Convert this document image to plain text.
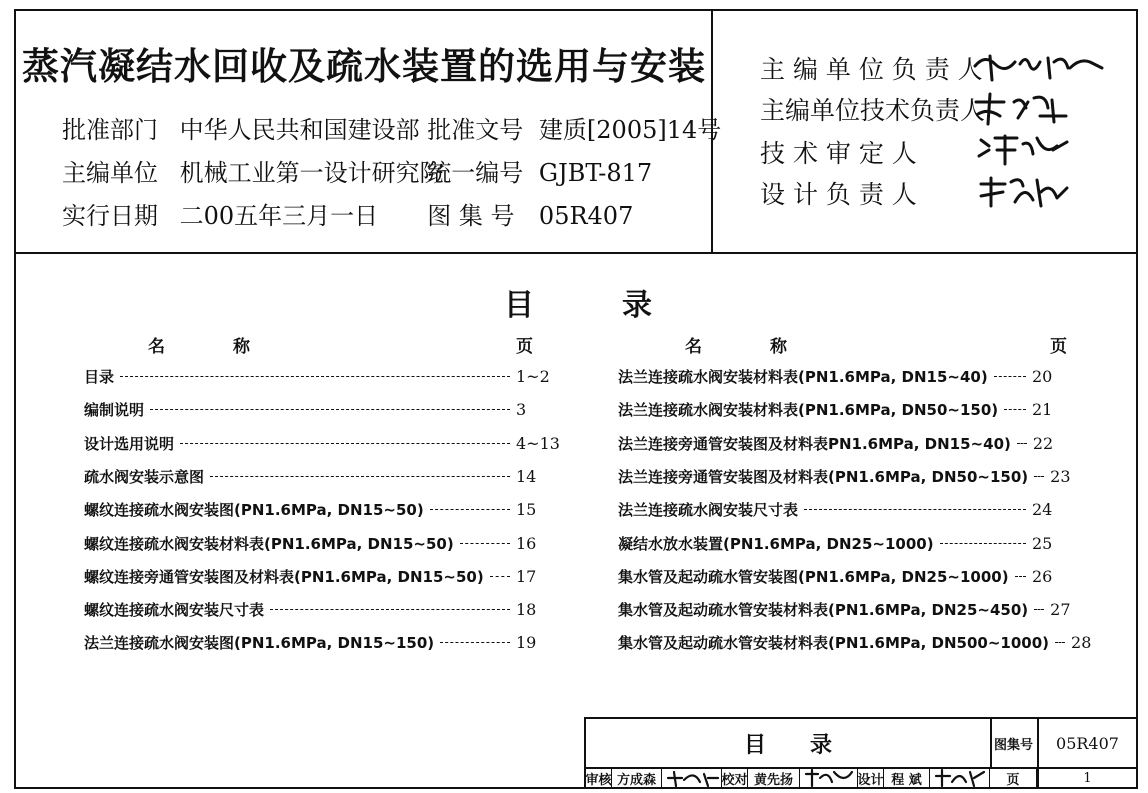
蒸汽凝结水回收及疏水装置的选用与安装
批准部门 中华人民共和国建设部 批准文号 建质[2005]14号
主编单位 机械工业第一设计研究院 统一编号 GJBT-817
实行日期 二00五年三月一日 图 集 号 05R407
主 编 单 位 负 责 人
主编单位技术负责人
技 术 审 定 人
设 计 负 责 人
目	录
名　　　　称	页	名　　　　称	页
目录	1~2
编制说明	3
设计选用说明	4~13
疏水阀安装示意图	14
螺纹连接疏水阀安装图(PN1.6MPa, DN15~50)	15
螺纹连接疏水阀安装材料表(PN1.6MPa, DN15~50)	16
螺纹连接旁通管安装图及材料表(PN1.6MPa, DN15~50) 17
螺纹连接疏水阀安装尺寸表	18
法兰连接疏水阀安装图(PN1.6MPa, DN15~150)	19
法兰连接疏水阀安装材料表(PN1.6MPa, DN15~40)	20
法兰连接疏水阀安装材料表(PN1.6MPa, DN50~150) 21
法兰连接旁通管安装图及材料表PN1.6MPa, DN15~40) 22
法兰连接旁通管安装图及材料表(PN1.6MPa, DN50~150) 23
法兰连接疏水阀安装尺寸表	24
凝结水放水装置(PN1.6MPa, DN25~1000)	25
集水管及起动疏水管安装图(PN1.6MPa, DN25~1000) 26
集水管及起动疏水管安装材料表(PN1.6MPa, DN25~450) 27
集水管及起动疏水管安装材料表(PN1.6MPa, DN500~1000) 28
目　　录	图集号	05R407
审核 方成森	校对 黄先扬	设计 程 斌	页	1
